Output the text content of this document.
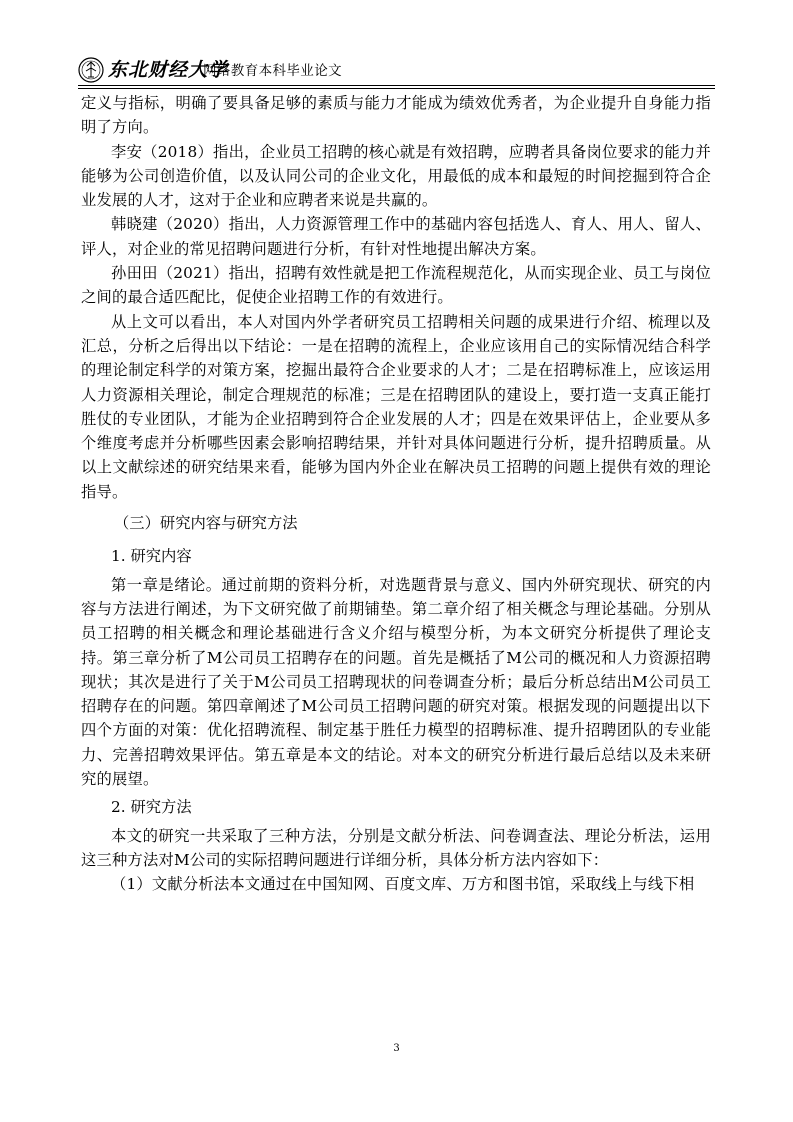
东北财经大学
网络教育本科毕业论文

定义与指标，明确了要具备足够的素质与能力才能成为绩效优秀者，为企业提升自身能力指明了方向。

李安（2018）指出，企业员工招聘的核心就是有效招聘，应聘者具备岗位要求的能力并能够为公司创造价值，以及认同公司的企业文化，用最低的成本和最短的时间挖掘到符合企业发展的人才，这对于企业和应聘者来说是共赢的。

韩晓建（2020）指出，人力资源管理工作中的基础内容包括选人、育人、用人、留人、评人，对企业的常见招聘问题进行分析，有针对性地提出解决方案。

孙田田（2021）指出，招聘有效性就是把工作流程规范化，从而实现企业、员工与岗位之间的最合适匹配比，促使企业招聘工作的有效进行。

从上文可以看出，本人对国内外学者研究员工招聘相关问题的成果进行介绍、梳理以及汇总，分析之后得出以下结论：一是在招聘的流程上，企业应该用自己的实际情况结合科学的理论制定科学的对策方案，挖掘出最符合企业要求的人才；二是在招聘标准上，应该运用人力资源相关理论，制定合理规范的标准；三是在招聘团队的建设上，要打造一支真正能打胜仗的专业团队，才能为企业招聘到符合企业发展的人才；四是在效果评估上，企业要从多个维度考虑并分析哪些因素会影响招聘结果，并针对具体问题进行分析，提升招聘质量。从以上文献综述的研究结果来看，能够为国内外企业在解决员工招聘的问题上提供有效的理论指导。

（三）研究内容与研究方法

1. 研究内容

第一章是绪论。通过前期的资料分析，对选题背景与意义、国内外研究现状、研究的内容与方法进行阐述，为下文研究做了前期铺垫。第二章介绍了相关概念与理论基础。分别从员工招聘的相关概念和理论基础进行含义介绍与模型分析，为本文研究分析提供了理论支持。第三章分析了M公司员工招聘存在的问题。首先是概括了M公司的概况和人力资源招聘现状；其次是进行了关于M公司员工招聘现状的问卷调查分析；最后分析总结出M公司员工招聘存在的问题。第四章阐述了M公司员工招聘问题的研究对策。根据发现的问题提出以下四个方面的对策：优化招聘流程、制定基于胜任力模型的招聘标准、提升招聘团队的专业能力、完善招聘效果评估。第五章是本文的结论。对本文的研究分析进行最后总结以及未来研究的展望。

2. 研究方法

本文的研究一共采取了三种方法，分别是文献分析法、问卷调查法、理论分析法，运用这三种方法对M公司的实际招聘问题进行详细分析，具体分析方法内容如下：

（1）文献分析法本文通过在中国知网、百度文库、万方和图书馆，采取线上与线下相

3
